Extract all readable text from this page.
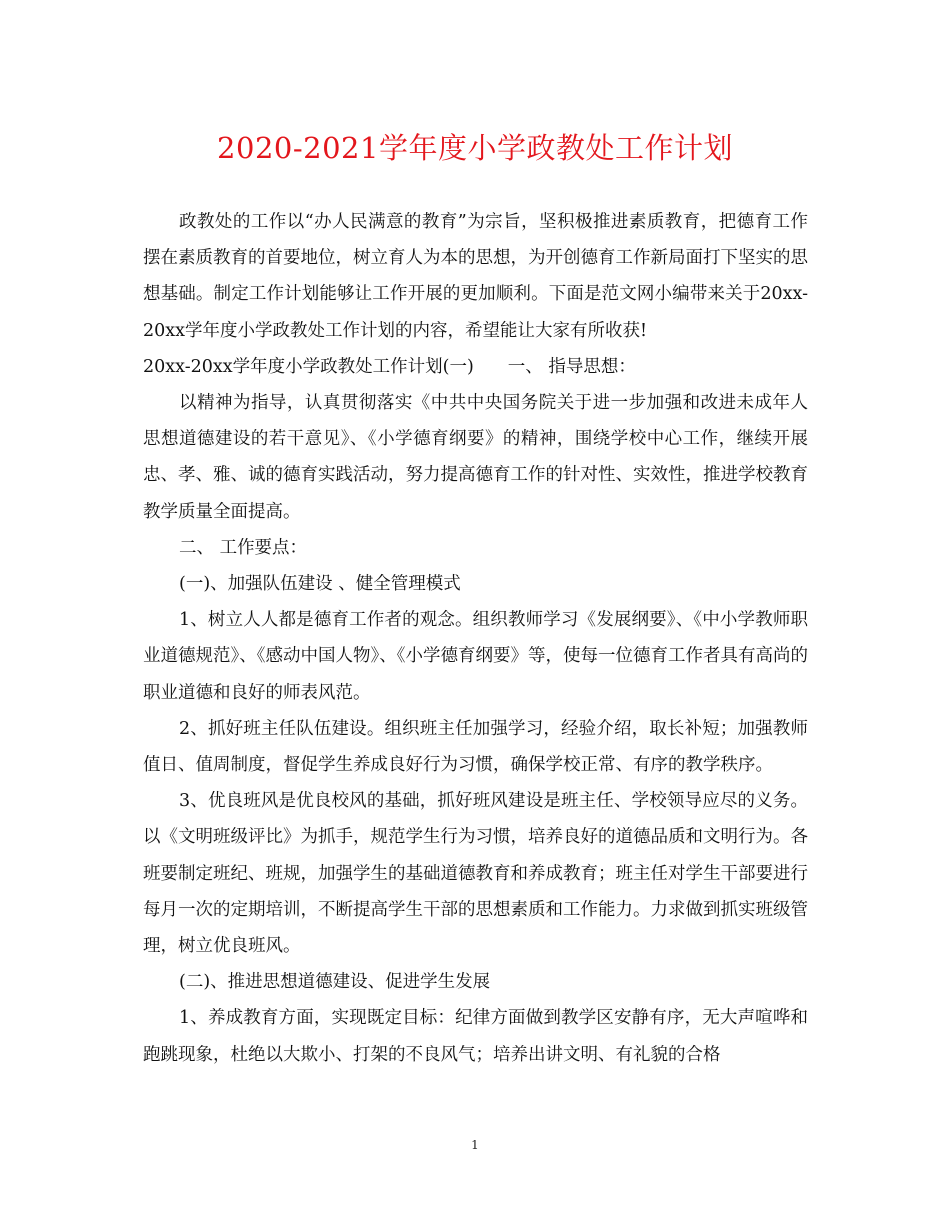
2020-2021学年度小学政教处工作计划

政教处的工作以“办人民满意的教育”为宗旨，坚积极推进素质教育，把德育工作摆在素质教育的首要地位，树立育人为本的思想，为开创德育工作新局面打下坚实的思想基础。制定工作计划能够让工作开展的更加顺利。下面是范文网小编带来关于20xx-20xx学年度小学政教处工作计划的内容，希望能让大家有所收获!

20xx-20xx学年度小学政教处工作计划(一) 一、 指导思想：

以精神为指导，认真贯彻落实《中共中央国务院关于进一步加强和改进未成年人思想道德建设的若干意见》、《小学德育纲要》的精神，围绕学校中心工作，继续开展忠、孝、雅、诚的德育实践活动，努力提高德育工作的针对性、实效性，推进学校教育教学质量全面提高。

二、 工作要点：

(一)、加强队伍建设 、健全管理模式

1、树立人人都是德育工作者的观念。组织教师学习《发展纲要》、《中小学教师职业道德规范》、《感动中国人物》、《小学德育纲要》等，使每一位德育工作者具有高尚的职业道德和良好的师表风范。

2、抓好班主任队伍建设。组织班主任加强学习，经验介绍，取长补短；加强教师值日、值周制度，督促学生养成良好行为习惯，确保学校正常、有序的教学秩序。

3、优良班风是优良校风的基础，抓好班风建设是班主任、学校领导应尽的义务。以《文明班级评比》为抓手，规范学生行为习惯，培养良好的道德品质和文明行为。各班要制定班纪、班规，加强学生的基础道德教育和养成教育；班主任对学生干部要进行每月一次的定期培训，不断提高学生干部的思想素质和工作能力。力求做到抓实班级管理，树立优良班风。

(二)、推进思想道德建设、促进学生发展

1、养成教育方面，实现既定目标：纪律方面做到教学区安静有序，无大声喧哗和跑跳现象，杜绝以大欺小、打架的不良风气；培养出讲文明、有礼貌的合格

1
